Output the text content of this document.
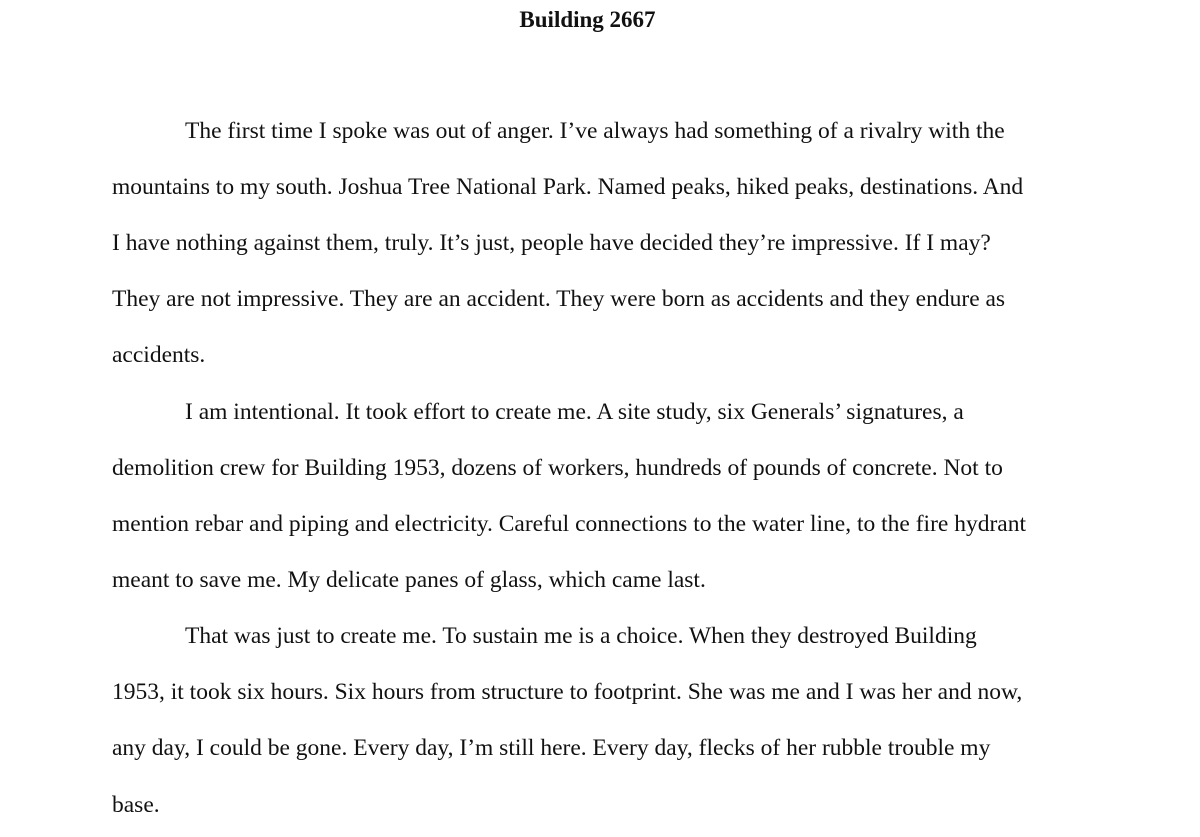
Building 2667
The first time I spoke was out of anger. I’ve always had something of a rivalry with the
mountains to my south. Joshua Tree National Park. Named peaks, hiked peaks, destinations. And
I have nothing against them, truly. It’s just, people have decided they’re impressive. If I may?
They are not impressive. They are an accident. They were born as accidents and they endure as
accidents.
I am intentional. It took effort to create me. A site study, six Generals’ signatures, a
demolition crew for Building 1953, dozens of workers, hundreds of pounds of concrete. Not to
mention rebar and piping and electricity. Careful connections to the water line, to the fire hydrant
meant to save me. My delicate panes of glass, which came last.
That was just to create me. To sustain me is a choice. When they destroyed Building
1953, it took six hours. Six hours from structure to footprint. She was me and I was her and now,
any day, I could be gone. Every day, I’m still here. Every day, flecks of her rubble trouble my
base.
